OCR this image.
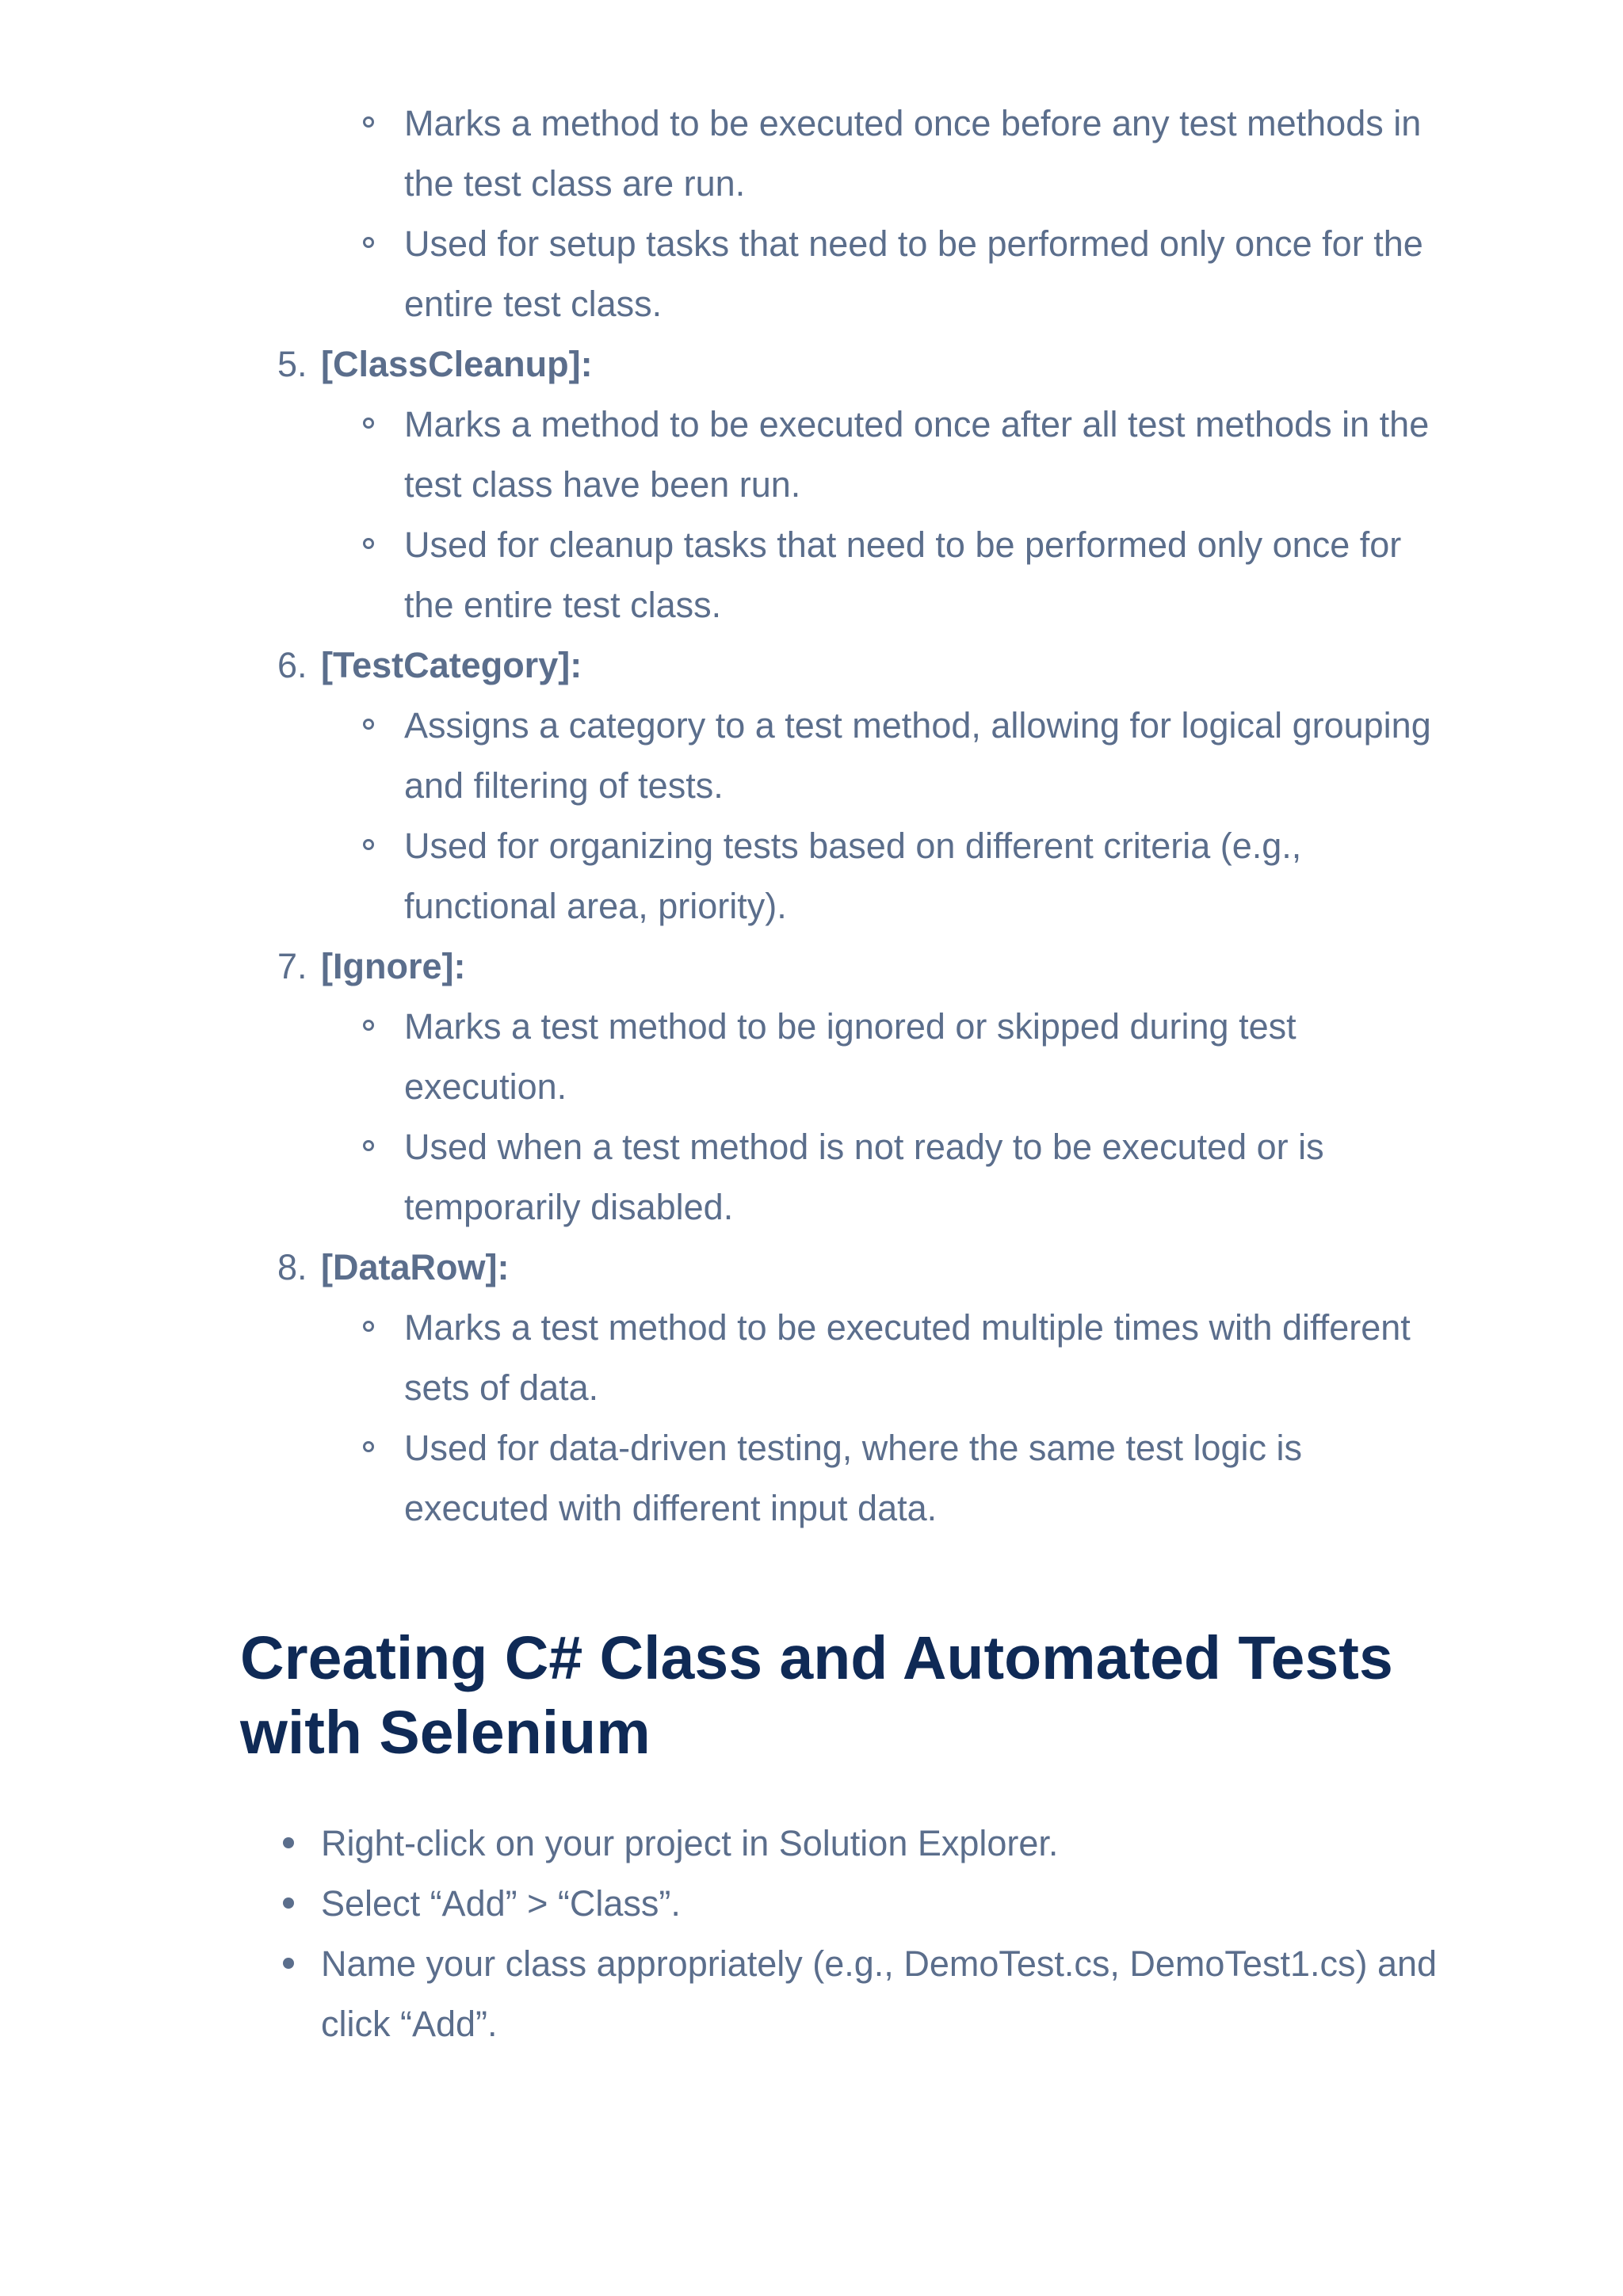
Marks a method to be executed once before any test methods in the test class are run.
Used for setup tasks that need to be performed only once for the entire test class.

5. [ClassCleanup]:

Marks a method to be executed once after all test methods in the test class have been run.
Used for cleanup tasks that need to be performed only once for the entire test class.

6. [TestCategory]:

Assigns a category to a test method, allowing for logical grouping and filtering of tests.
Used for organizing tests based on different criteria (e.g., functional area, priority).

7. [Ignore]:

Marks a test method to be ignored or skipped during test execution.
Used when a test method is not ready to be executed or is temporarily disabled.

8. [DataRow]:

Marks a test method to be executed multiple times with different sets of data.
Used for data-driven testing, where the same test logic is executed with different input data.
Creating C# Class and Automated Tests with Selenium
Right-click on your project in Solution Explorer.
Select “Add” > “Class”.
Name your class appropriately (e.g., DemoTest.cs, DemoTest1.cs) and click “Add”.
